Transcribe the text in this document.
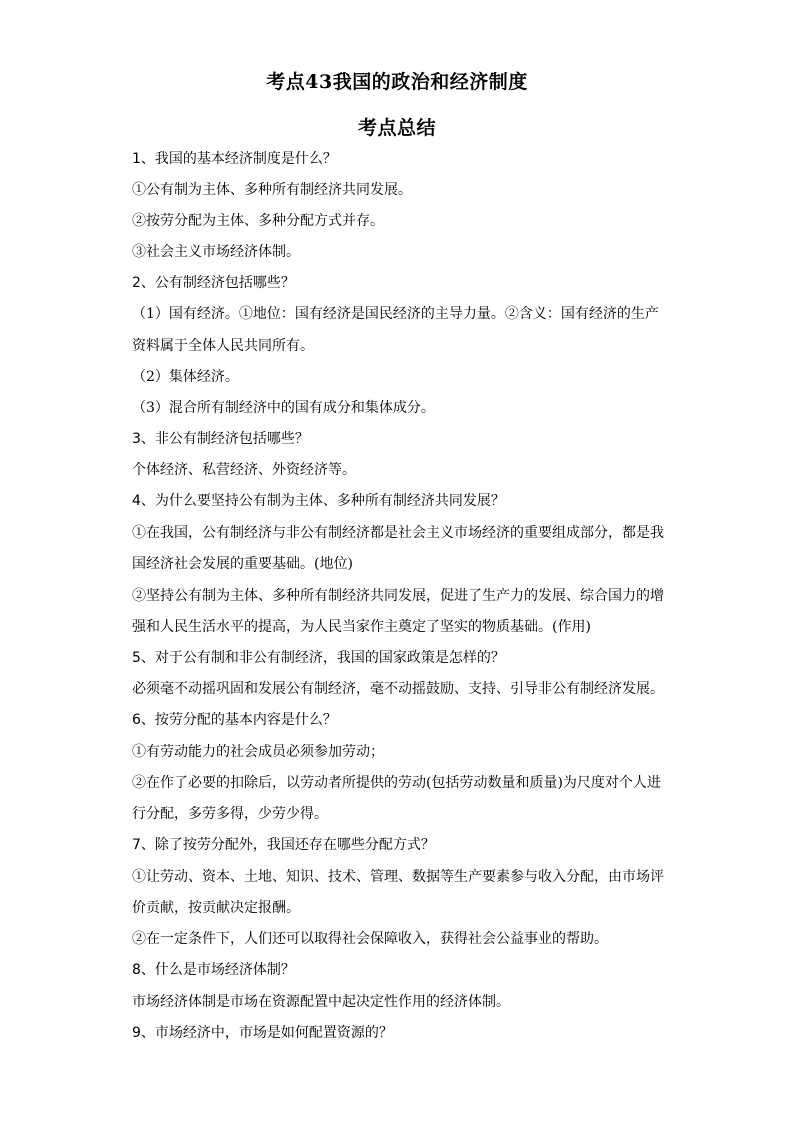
考点43我国的政治和经济制度
考点总结
1、我国的基本经济制度是什么？
①公有制为主体、多种所有制经济共同发展。
②按劳分配为主体、多种分配方式并存。
③社会主义市场经济体制。
2、公有制经济包括哪些？
（1）国有经济。①地位：国有经济是国民经济的主导力量。②含义：国有经济的生产
资料属于全体人民共同所有。
（2）集体经济。
（3）混合所有制经济中的国有成分和集体成分。
3、非公有制经济包括哪些？
个体经济、私营经济、外资经济等。
4、为什么要坚持公有制为主体、多种所有制经济共同发展？
①在我国，公有制经济与非公有制经济都是社会主义市场经济的重要组成部分，都是我
国经济社会发展的重要基础。(地位)
②坚持公有制为主体、多种所有制经济共同发展，促进了生产力的发展、综合国力的增
强和人民生活水平的提高，为人民当家作主奠定了坚实的物质基础。(作用)
5、对于公有制和非公有制经济，我国的国家政策是怎样的？
必须毫不动摇巩固和发展公有制经济，毫不动摇鼓励、支持、引导非公有制经济发展。
6、按劳分配的基本内容是什么？
①有劳动能力的社会成员必须参加劳动；
②在作了必要的扣除后，以劳动者所提供的劳动(包括劳动数量和质量)为尺度对个人进
行分配，多劳多得，少劳少得。
7、除了按劳分配外，我国还存在哪些分配方式？
①让劳动、资本、土地、知识、技术、管理、数据等生产要素参与收入分配，由市场评
价贡献，按贡献决定报酬。
②在一定条件下，人们还可以取得社会保障收入，获得社会公益事业的帮助。
8、什么是市场经济体制？
市场经济体制是市场在资源配置中起决定性作用的经济体制。
9、市场经济中，市场是如何配置资源的？
